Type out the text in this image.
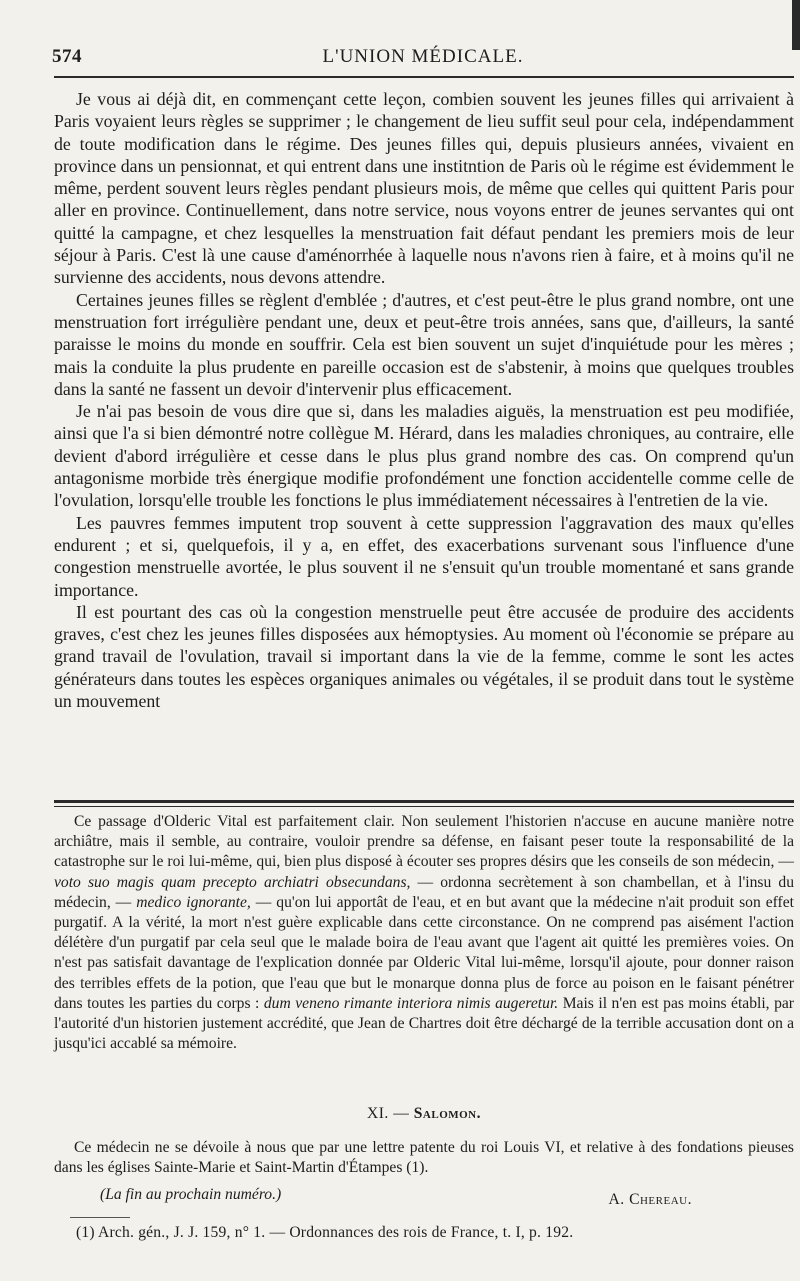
574	L'UNION MÉDICALE.

Je vous ai déjà dit, en commençant cette leçon, combien souvent les jeunes filles qui arrivaient à Paris voyaient leurs règles se supprimer ; le changement de lieu suffit seul pour cela, indépendamment de toute modification dans le régime. Des jeunes filles qui, depuis plusieurs années, vivaient en province dans un pensionnat, et qui entrent dans une institntion de Paris où le régime est évidemment le même, perdent souvent leurs règles pendant plusieurs mois, de même que celles qui quittent Paris pour aller en province. Continuellement, dans notre service, nous voyons entrer de jeunes servantes qui ont quitté la campagne, et chez lesquelles la menstruation fait défaut pendant les premiers mois de leur séjour à Paris. C'est là une cause d'aménorrhée à laquelle nous n'avons rien à faire, et à moins qu'il ne survienne des accidents, nous devons attendre.

Certaines jeunes filles se règlent d'emblée ; d'autres, et c'est peut-être le plus grand nombre, ont une menstruation fort irrégulière pendant une, deux et peut-être trois années, sans que, d'ailleurs, la santé paraisse le moins du monde en souffrir. Cela est bien souvent un sujet d'inquiétude pour les mères ; mais la conduite la plus prudente en pareille occasion est de s'abstenir, à moins que quelques troubles dans la santé ne fassent un devoir d'intervenir plus efficacement.

Je n'ai pas besoin de vous dire que si, dans les maladies aiguës, la menstruation est peu modifiée, ainsi que l'a si bien démontré notre collègue M. Hérard, dans les maladies chroniques, au contraire, elle devient d'abord irrégulière et cesse dans le plus plus grand nombre des cas. On comprend qu'un antagonisme morbide très énergique modifie profondément une fonction accidentelle comme celle de l'ovulation, lorsqu'elle trouble les fonctions le plus immédiatement nécessaires à l'entretien de la vie.

Les pauvres femmes imputent trop souvent à cette suppression l'aggravation des maux qu'elles endurent ; et si, quelquefois, il y a, en effet, des exacerbations survenant sous l'influence d'une congestion menstruelle avortée, le plus souvent il ne s'ensuit qu'un trouble momentané et sans grande importance.

Il est pourtant des cas où la congestion menstruelle peut être accusée de produire des accidents graves, c'est chez les jeunes filles disposées aux hémoptysies. Au moment où l'économie se prépare au grand travail de l'ovulation, travail si important dans la vie de la femme, comme le sont les actes générateurs dans toutes les espèces organiques animales ou végétales, il se produit dans tout le système un mouvement

Ce passage d'Olderic Vital est parfaitement clair. Non seulement l'historien n'accuse en aucune manière notre archiâtre, mais il semble, au contraire, vouloir prendre sa défense, en faisant peser toute la responsabilité de la catastrophe sur le roi lui-même, qui, bien plus disposé à écouter ses propres désirs que les conseils de son médecin, — voto suo magis quam precepto archiatri obsecundans, — ordonna secrètement à son chambellan, et à l'insu du médecin, — medico ignorante, — qu'on lui apportât de l'eau, et en but avant que la médecine n'ait produit son effet purgatif. A la vérité, la mort n'est guère explicable dans cette circonstance. On ne comprend pas aisément l'action délétère d'un purgatif par cela seul que le malade boira de l'eau avant que l'agent ait quitté les premières voies. On n'est pas satisfait davantage de l'explication donnée par Olderic Vital lui-même, lorsqu'il ajoute, pour donner raison des terribles effets de la potion, que l'eau que but le monarque donna plus de force au poison en le faisant pénétrer dans toutes les parties du corps : dum veneno rimante interiora nimis augeretur. Mais il n'en est pas moins établi, par l'autorité d'un historien justement accrédité, que Jean de Chartres doit être déchargé de la terrible accusation dont on a jusqu'ici accablé sa mémoire.

XI. — Salomon.

Ce médecin ne se dévoile à nous que par une lettre patente du roi Louis VI, et relative à des fondations pieuses dans les églises Sainte-Marie et Saint-Martin d'Étampes (1).

(La fin au prochain numéro.)	A. Chereau.
(1) Arch. gén., J. J. 159, n° 1. — Ordonnances des rois de France, t. I, p. 192.
